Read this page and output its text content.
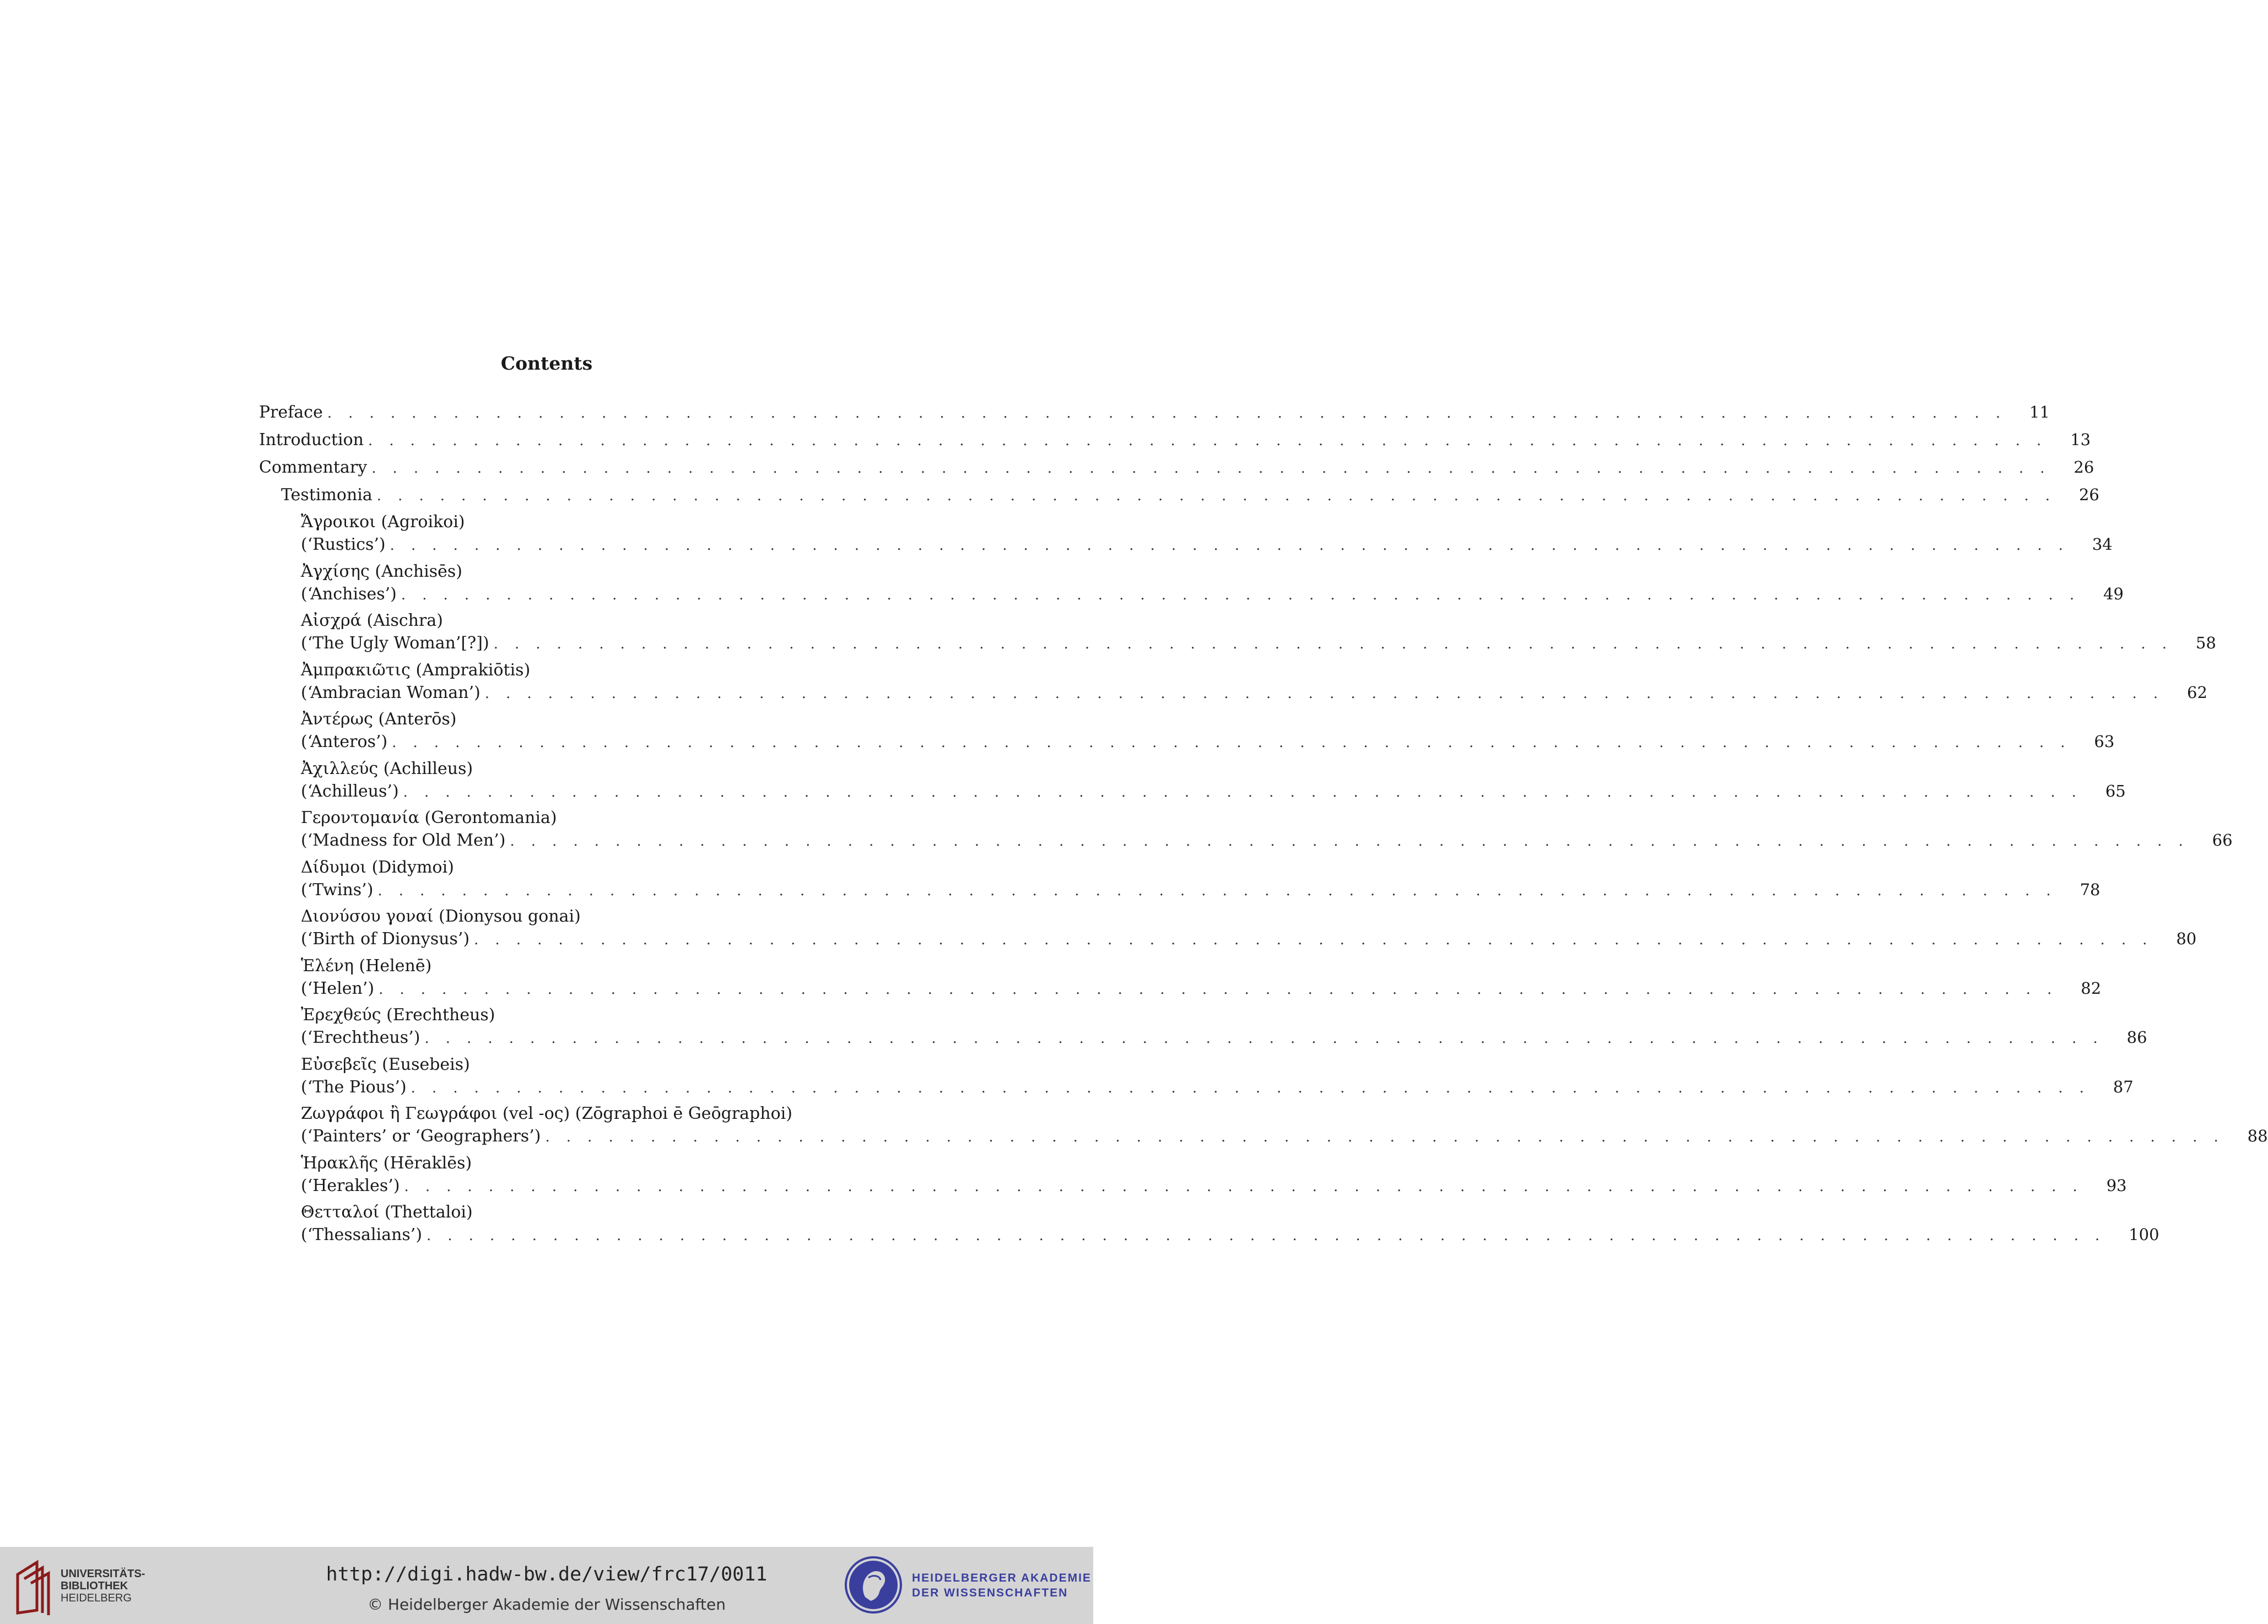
Contents
Preface . . . . . . . . . . . . . . . . . . . . . . . . . . . . . . . . . . . . . . . . . . . . . . . . . . . . . . . . . . . . . . . . . . . . . . . . . . . . . . . . 11
Introduction . . . . . . . . . . . . . . . . . . . . . . . . . . . . . . . . . . . . . . . . . . . . . . . . . . . . . . . . . . . . . . . . . . . . . . . . . . . . . . . . 13
Commentary . . . . . . . . . . . . . . . . . . . . . . . . . . . . . . . . . . . . . . . . . . . . . . . . . . . . . . . . . . . . . . . . . . . . . . . . . . . . . . . . 26
Testimonia . . . . . . . . . . . . . . . . . . . . . . . . . . . . . . . . . . . . . . . . . . . . . . . . . . . . . . . . . . . . . . . . . . . . . . . . . . . . . . . . 26
Ἄγροικοι (Agroikoi)
(‘Rustics’) . . . . . . . . . . . . . . . . . . . . . . . . . . . . . . . . . . . . . . . . . . . . . . . . . . . . . . . . . . . . . . . . . . . . . . . . . . . . . . . . 34
Ἀγχίσης (Anchisēs)
(‘Anchises’) . . . . . . . . . . . . . . . . . . . . . . . . . . . . . . . . . . . . . . . . . . . . . . . . . . . . . . . . . . . . . . . . . . . . . . . . . . . . . . . . 49
Αἰσχρά (Aischra)
(‘The Ugly Woman’[?]) . . . . . . . . . . . . . . . . . . . . . . . . . . . . . . . . . . . . . . . . . . . . . . . . . . . . . . . . . . . . . . . . . . . . . . . . . . . . . . . . 58
Ἀμπρακιῶτις (Amprakiōtis)
(‘Ambracian Woman’) . . . . . . . . . . . . . . . . . . . . . . . . . . . . . . . . . . . . . . . . . . . . . . . . . . . . . . . . . . . . . . . . . . . . . . . . . . . . . . . . 62
Ἀντέρως (Anterōs)
(‘Anteros’) . . . . . . . . . . . . . . . . . . . . . . . . . . . . . . . . . . . . . . . . . . . . . . . . . . . . . . . . . . . . . . . . . . . . . . . . . . . . . . . . 63
Ἀχιλλεύς (Achilleus)
(‘Achilleus’) . . . . . . . . . . . . . . . . . . . . . . . . . . . . . . . . . . . . . . . . . . . . . . . . . . . . . . . . . . . . . . . . . . . . . . . . . . . . . . . . 65
Γεροντομανία (Gerontomania)
(‘Madness for Old Men’) . . . . . . . . . . . . . . . . . . . . . . . . . . . . . . . . . . . . . . . . . . . . . . . . . . . . . . . . . . . . . . . . . . . . . . . . . . . . . . . . 66
Δίδυμοι (Didymoi)
(‘Twins’) . . . . . . . . . . . . . . . . . . . . . . . . . . . . . . . . . . . . . . . . . . . . . . . . . . . . . . . . . . . . . . . . . . . . . . . . . . . . . . . . 78
Διονύσου γοναί (Dionysou gonai)
(‘Birth of Dionysus’) . . . . . . . . . . . . . . . . . . . . . . . . . . . . . . . . . . . . . . . . . . . . . . . . . . . . . . . . . . . . . . . . . . . . . . . . . . . . . . . . 80
Ἑλένη (Helenē)
(‘Helen’) . . . . . . . . . . . . . . . . . . . . . . . . . . . . . . . . . . . . . . . . . . . . . . . . . . . . . . . . . . . . . . . . . . . . . . . . . . . . . . . . 82
Ἐρεχθεύς (Erechtheus)
(‘Erechtheus’) . . . . . . . . . . . . . . . . . . . . . . . . . . . . . . . . . . . . . . . . . . . . . . . . . . . . . . . . . . . . . . . . . . . . . . . . . . . . . . . . 86
Εὐσεβεῖς (Eusebeis)
(‘The Pious’) . . . . . . . . . . . . . . . . . . . . . . . . . . . . . . . . . . . . . . . . . . . . . . . . . . . . . . . . . . . . . . . . . . . . . . . . . . . . . . . . 87
Ζωγράφοι ἢ Γεωγράφοι (vel -ος) (Zōgraphoi ē Geōgraphoi)
(‘Painters’ or ‘Geographers’) . . . . . . . . . . . . . . . . . . . . . . . . . . . . . . . . . . . . . . . . . . . . . . . . . . . . . . . . . . . . . . . . . . . . . . . . . . . . . . . . 88
Ἡρακλῆς (Hēraklēs)
(‘Herakles’) . . . . . . . . . . . . . . . . . . . . . . . . . . . . . . . . . . . . . . . . . . . . . . . . . . . . . . . . . . . . . . . . . . . . . . . . . . . . . . . . 93
Θετταλοί (Thettaloi)
(‘Thessalians’) . . . . . . . . . . . . . . . . . . . . . . . . . . . . . . . . . . . . . . . . . . . . . . . . . . . . . . . . . . . . . . . . . . . . . . . . . . . . . . . . 100
UNIVERSITÄTS-
BIBLIOTHEK
HEIDELBERG
http://digi.hadw-bw.de/view/frc17/0011
© Heidelberger Akademie der Wissenschaften
HEIDELBERGER AKADEMIE
DER WISSENSCHAFTEN
